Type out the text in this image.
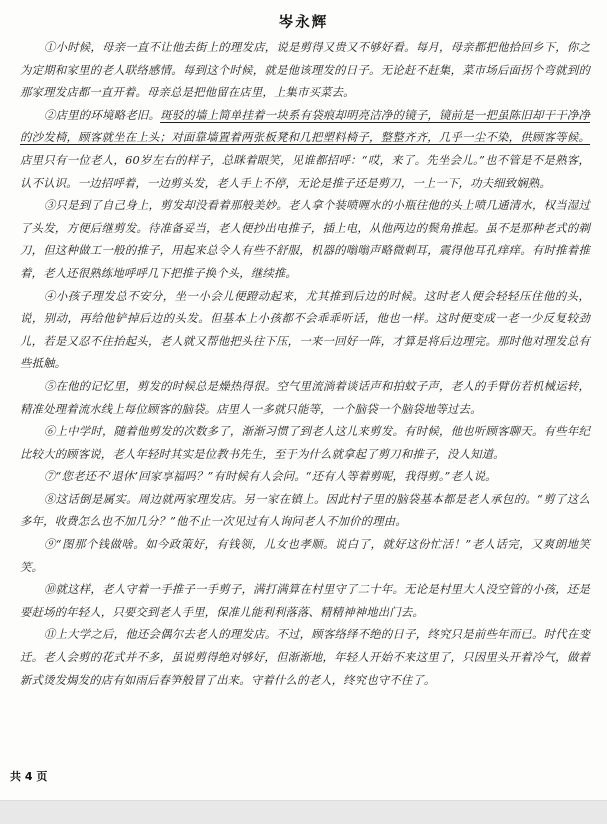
岑永辉

①小时候，母亲一直不让他去街上的理发店，说是剪得又贵又不够好看。每月，母亲都把他拾回乡下，你之为定期和家里的老人联络感情。每到这个时候，就是他该理发的日子。无论赶不赶集，菜市场后面拐个弯就到的那家理发店都一直开着。母亲总是把他留在店里，上集市买菜去。

②店里的环境略老旧。斑驳的墙上简单挂着一块系有袋痕却明亮洁净的镜子，镜前是一把虽陈旧却干干净净的沙发椅，顾客就坐在上头；对面靠墙置着两张板凳和几把塑料椅子，整整齐齐，几乎一尘不染，供顾客等候。店里只有一位老人，60岁左右的样子，总眯着眼笑，见谁都招呼：“哎，来了。先坐会儿。”也不管是不是熟客，认不认识。一边招呼着，一边剪头发，老人手上不停，无论是推子还是剪刀，一上一下，功夫细致娴熟。

③只是到了自己身上，剪发却没看着那般美妙。老人拿个装喷喱水的小瓶往他的头上喷几通清水，权当湿过了头发，方便后继剪发。待准备妥当，老人便抄出电推子，插上电，从他两边的鬓角推起。虽不是那种老式的剃刀，但这种做工一般的推子，用起来总令人有些不舒服，机器的嗡嗡声略微刺耳，震得他耳孔痒痒。有时推着推着，老人还很熟练地呼呼几下把推子换个头，继续推。

④小孩子理发总不安分，坐一小会儿便蹬动起来，尤其推到后边的时候。这时老人便会轻轻压住他的头，说，别动，再给他铲掉后边的头发。但基本上小孩都不会乖乖听话，他也一样。这时便变成一老一少反复较劲儿，若是又忍不住抬起头，老人就又帮他把头往下压，一来一回好一阵，才算是将后边理完。那时他对理发总有些抵触。

⑤在他的记忆里，剪发的时候总是燥热得很。空气里流淌着谈话声和拍蚊子声，老人的手臂仿若机械运转，精准处理着流水线上每位顾客的脑袋。店里人一多就只能等，一个脑袋一个脑袋地等过去。

⑥上中学时，随着他剪发的次数多了，渐渐习惯了到老人这儿来剪发。有时候，他也听顾客聊天。有些年纪比较大的顾客说，老人年轻时其实是位教书先生，至于为什么就拿起了剪刀和推子，没人知道。

⑦“您老还不‘退休’回家享福吗？”有时候有人会问。“还有人等着剪呢，我得剪。”老人说。

⑧这话倒是属实。周边就两家理发店。另一家在镇上。因此村子里的脑袋基本都是老人承包的。“剪了这么多年，收费怎么也不加几分？”他不止一次见过有人询问老人不加价的理由。

⑨“图那个钱做啥。如今政策好，有钱领，儿女也孝顺。说白了，就好这份忙活！”老人话完，又爽朗地笑笑。

⑩就这样，老人守着一手推子一手剪子，满打满算在村里守了二十年。无论是村里大人没空管的小孩，还是要赶场的年轻人，只要交到老人手里，保准儿能利利落落、精精神神地出门去。

⑪上大学之后，他还会偶尔去老人的理发店。不过，顾客络绎不绝的日子，终究只是前些年而已。时代在变迁。老人会剪的花式并不多，虽说剪得绝对够好，但渐渐地，年轻人开始不来这里了，只因里头开着冷气，做着新式烫发焗发的店有如雨后春笋般冒了出来。守着什么的老人，终究也守不住了。

共 4 页
